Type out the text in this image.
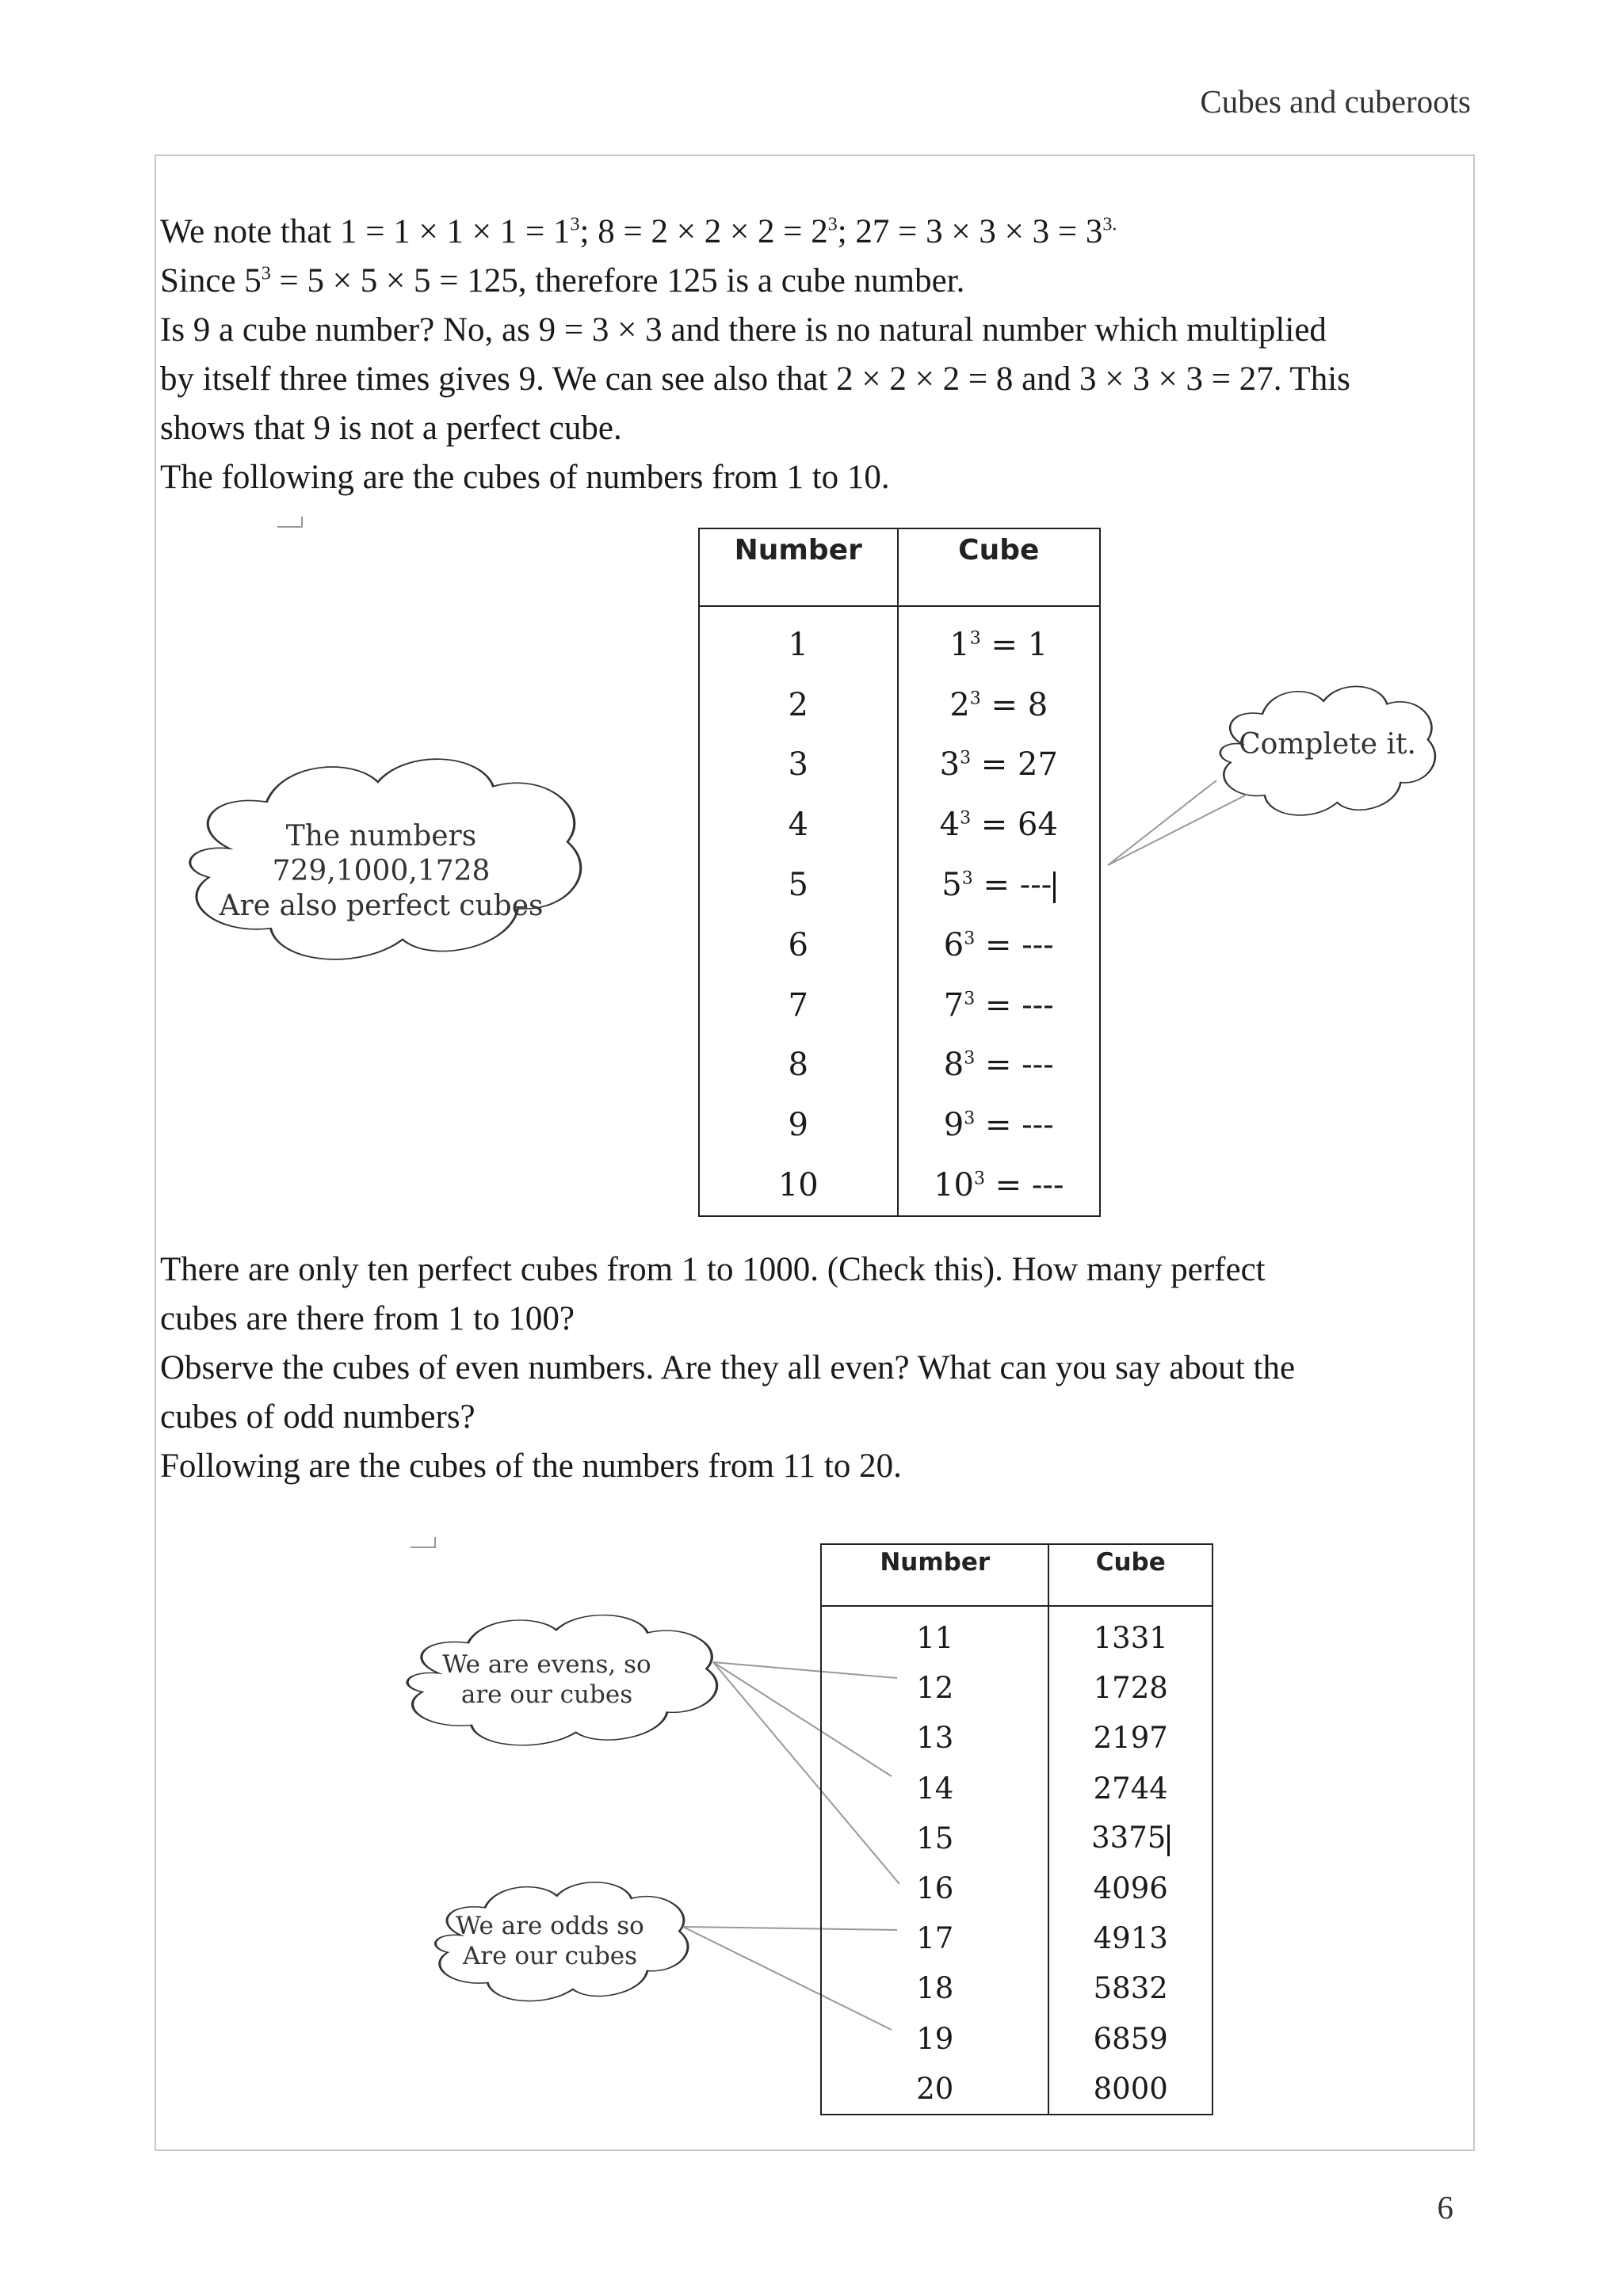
Cubes and cuberoots

We note that $1 = 1 \times 1 \times 1 = 1^3$; $8 = 2 \times 2 \times 2 = 2^3$; $27 = 3 \times 3 \times 3 = 3^{3.}$

Since $5^3 = 5 \times 5 \times 5 = 125$, therefore 125 is a cube number.

Is 9 a cube number? No, as 9 = 3 × 3 and there is no natural number which multiplied

by itself three times gives 9. We can see also that 2 × 2 × 2 = 8 and 3 × 3 × 3 = 27. This

shows that 9 is not a perfect cube.

The following are the cubes of numbers from 1 to 10.

Number	Cube
1	$1^3 = 1$
2	$2^3 = 8$
3	$3^3 = 27$
4	$4^3 = 64$
5	$5^3$ = ---
6	$6^3$ = ---
7	$7^3$ = ---
8	$8^3$ = ---
9	$9^3$ = ---
10	$10^3$ = ---
The numbers 729,1000,1728
Are also perfect cubes
Complete it.
We are evens, so
are our cubes
We are odds so
Are our cubes

There are only ten perfect cubes from 1 to 1000. (Check this). How many perfect

cubes are there from 1 to 100?

Observe the cubes of even numbers. Are they all even? What can you say about the

cubes of odd numbers?

Following are the cubes of the numbers from 11 to 20.

Number	Cube
11	1331
12	1728
13	2197
14	2744
15	3375
16	4096
17	4913
18	5832
19	6859
20	8000
6
